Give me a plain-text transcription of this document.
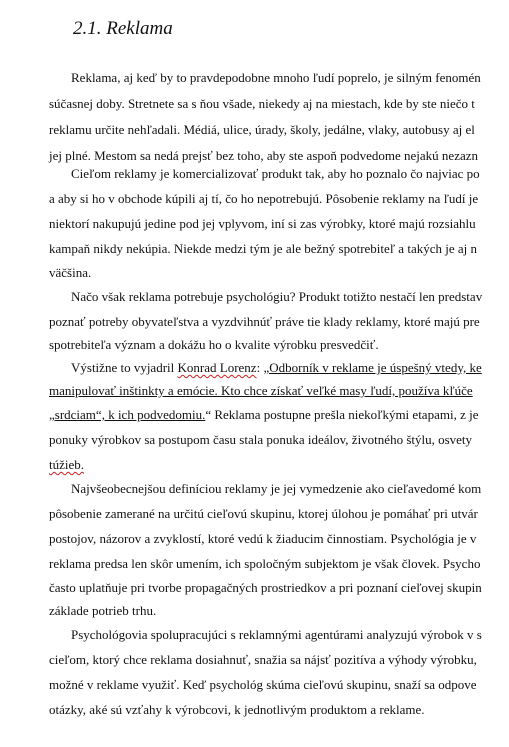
2.1. Reklama
Reklama, aj keď by to pravdepodobne mnoho ľudí poprelo, je silným fenomén
súčasnej doby. Stretnete sa s ňou všade, niekedy aj na miestach, kde by ste niečo t
reklamu určite nehľadali. Médiá, ulice, úrady, školy, jedálne, vlaky, autobusy aj el
jej plné. Mestom sa nedá prejsť bez toho, aby ste aspoň podvedome nejakú nezazn
Cieľom reklamy je komercializovať produkt tak, aby ho poznalo čo najviac po
a aby si ho v obchode kúpili aj tí, čo ho nepotrebujú. Pôsobenie reklamy na ľudí je
niektorí nakupujú jedine pod jej vplyvom, iní si zas výrobky, ktoré majú rozsiahlu
kampaň nikdy nekúpia. Niekde medzi tým je ale bežný spotrebiteľ a takých je aj n
väčšina.
Načo však reklama potrebuje psychológiu? Produkt totižto nestačí len predstav
poznať potreby obyvateľstva a vyzdvihnúť práve tie klady reklamy, ktoré majú pre
spotrebiteľa význam a dokážu ho o kvalite výrobku presvedčiť.
Výstižne to vyjadril Konrad Lorenz: „Odborník v reklame je úspešný vtedy, ke
manipulovať inštinkty a emócie. Kto chce získať veľké masy ľudí, používa kľúče
„srdciam“, k ich podvedomiu.“ Reklama postupne prešla niekoľkými etapami, z je
ponuky výrobkov sa postupom času stala ponuka ideálov, životného štýlu, osvety
túžieb.
Najvšeobecnejšou definíciou reklamy je jej vymedzenie ako cieľavedomé kom
pôsobenie zamerané na určitú cieľovú skupinu, ktorej úlohou je pomáhať pri utvár
postojov, názorov a zvyklostí, ktoré vedú k žiaducim činnostiam. Psychológia je v
reklama predsa len skôr umením, ich spoločným subjektom je však človek. Psycho
často uplatňuje pri tvorbe propagačných prostriedkov a pri poznaní cieľovej skupin
základe potrieb trhu.
Psychológovia spolupracujúci s reklamnými agentúrami analyzujú výrobok v s
cieľom, ktorý chce reklama dosiahnuť, snažia sa nájsť pozitíva a výhody výrobku,
možné v reklame využiť. Keď psychológ skúma cieľovú skupinu, snaží sa odpove
otázky, aké sú vzťahy k výrobcovi, k jednotlivým produktom a reklame.
